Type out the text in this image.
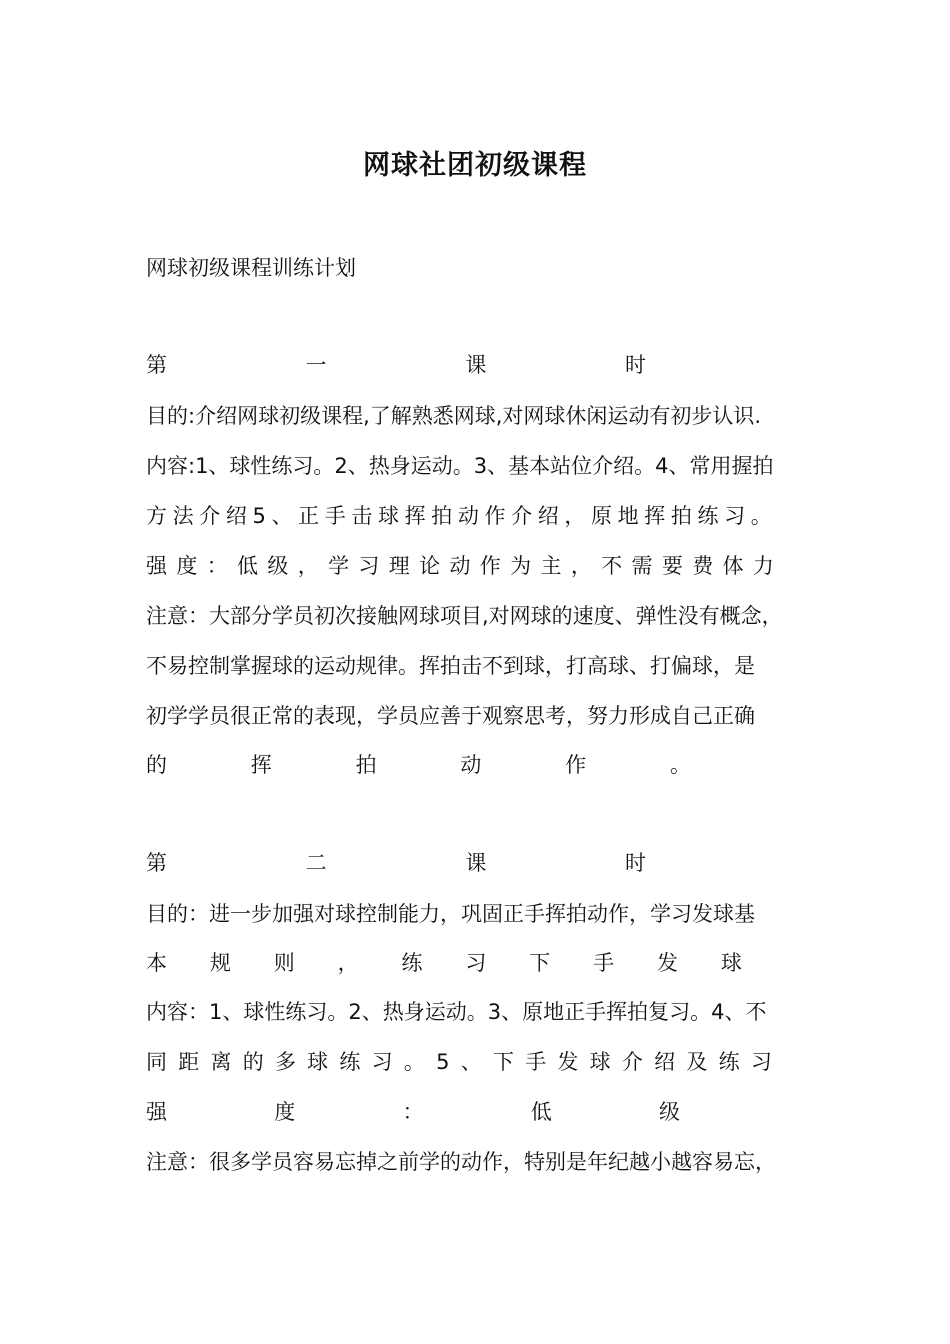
网球社团初级课程
网球初级课程训练计划
第	一	课	时
目的:介绍网球初级课程,了解熟悉网球,对网球休闲运动有初步认识.
内容:1、球性练习。2、热身运动。3、基本站位介绍。4、常用握拍
方 法 介 绍 5 、 正 手 击 球 挥 拍 动 作 介 绍 ， 原 地 挥 拍 练 习 。
强 度 ： 低 级 ， 学 习 理 论 动 作 为 主 ， 不 需 要 费 体 力
注意：大部分学员初次接触网球项目,对网球的速度、弹性没有概念，
不易控制掌握球的运动规律。挥拍击不到球，打高球、打偏球，是
初学学员很正常的表现，学员应善于观察思考，努力形成自己正确
的	挥	拍	动	作	。
第	二	课	时
目的：进一步加强对球控制能力，巩固正手挥拍动作，学习发球基
本 规 则 ， 练 习 下 手 发 球
内容：1、球性练习。2、热身运动。3、原地正手挥拍复习。4、不
同 距 离 的 多 球 练 习 。 5 、 下 手 发 球 介 绍 及 练 习
强	度	：	低	级
注意：很多学员容易忘掉之前学的动作，特别是年纪越小越容易忘，
